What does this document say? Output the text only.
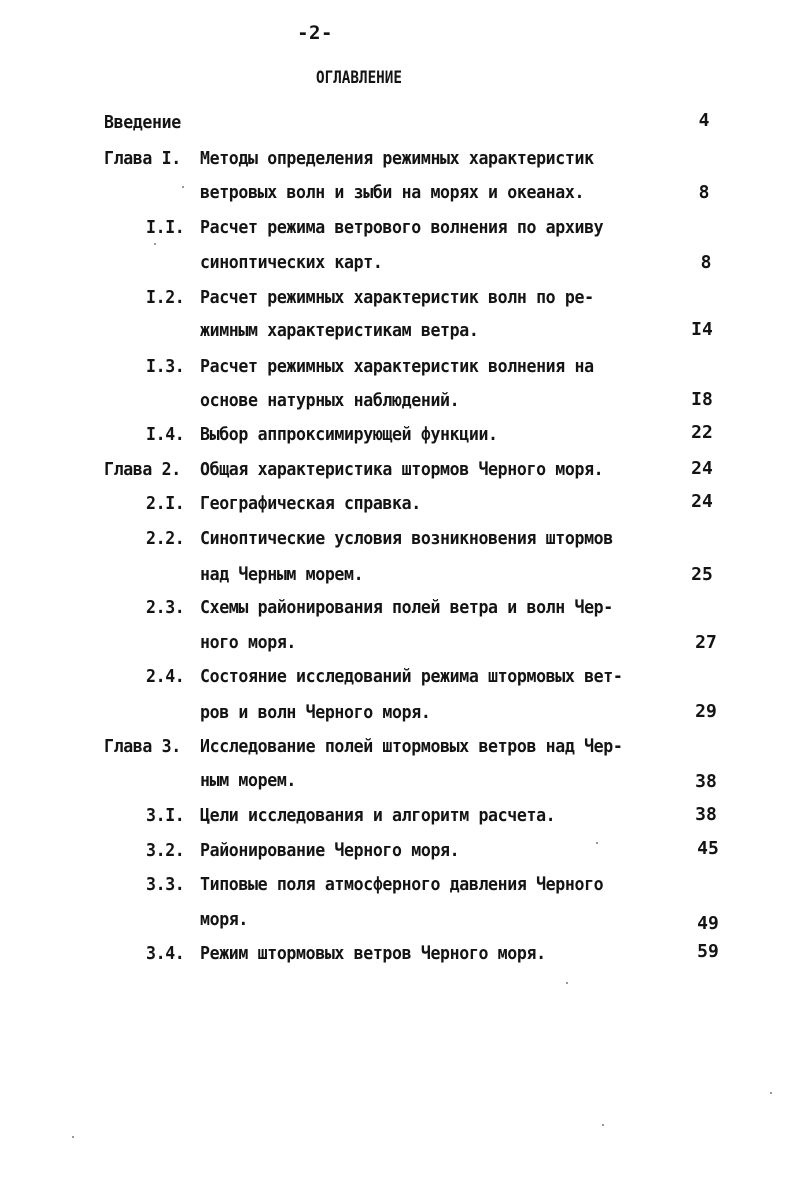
-2-
ОГЛАВЛЕНИЕ
Введение	4
Глава I. Методы определения режимных характеристик
ветровых волн и зыби на морях и океанах.	8
I.I. Расчет режима ветрового волнения по архиву
синоптических карт.	8
I.2. Расчет режимных характеристик волн по ре-
жимным характеристикам ветра.	I4
I.3. Расчет режимных характеристик волнения на
основе натурных наблюдений.	I8
I.4. Выбор аппроксимирующей функции.	22
Глава 2. Общая характеристика штормов Черного моря.	24
2.I. Географическая справка.	24
2.2. Синоптические условия возникновения штормов
над Черным морем.	25
2.3. Схемы районирования полей ветра и волн Чер-
ного моря.	27
2.4. Состояние исследований режима штормовых вет-
ров и волн Черного моря.	29
Глава 3. Исследование полей штормовых ветров над Чер-
ным морем.	38
3.I. Цели исследования и алгоритм расчета.	38
3.2. Районирование Черного моря.	45
3.3. Типовые поля атмосферного давления Черного
моря.	49
3.4. Режим штормовых ветров Черного моря.	59
